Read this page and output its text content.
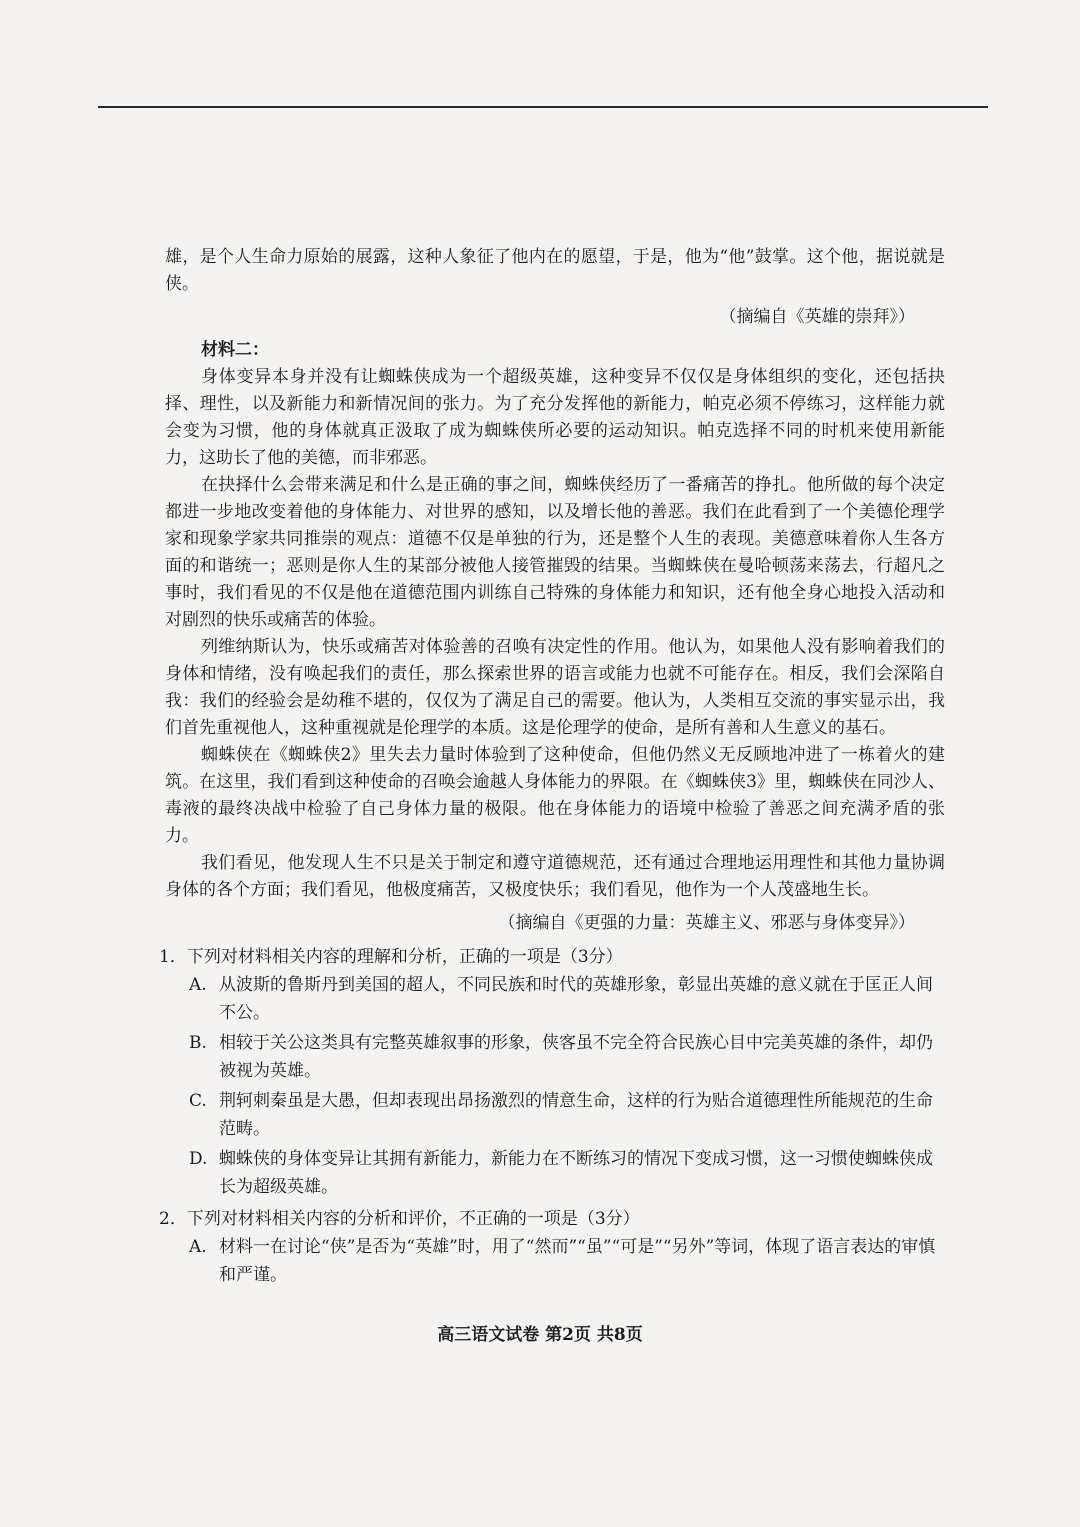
雄，是个人生命力原始的展露，这种人象征了他内在的愿望，于是，他为“他”鼓掌。这个他，据说就是侠。

（摘编自《英雄的崇拜》）

材料二：

身体变异本身并没有让蜘蛛侠成为一个超级英雄，这种变异不仅仅是身体组织的变化，还包括抉择、理性，以及新能力和新情况间的张力。为了充分发挥他的新能力，帕克必须不停练习，这样能力就会变为习惯，他的身体就真正汲取了成为蜘蛛侠所必要的运动知识。帕克选择不同的时机来使用新能力，这助长了他的美德，而非邪恶。

在抉择什么会带来满足和什么是正确的事之间，蜘蛛侠经历了一番痛苦的挣扎。他所做的每个决定都进一步地改变着他的身体能力、对世界的感知，以及增长他的善恶。我们在此看到了一个美德伦理学家和现象学家共同推崇的观点：道德不仅是单独的行为，还是整个人生的表现。美德意味着你人生各方面的和谐统一；恶则是你人生的某部分被他人接管摧毁的结果。当蜘蛛侠在曼哈顿荡来荡去，行超凡之事时，我们看见的不仅是他在道德范围内训练自己特殊的身体能力和知识，还有他全身心地投入活动和对剧烈的快乐或痛苦的体验。

列维纳斯认为，快乐或痛苦对体验善的召唤有决定性的作用。他认为，如果他人没有影响着我们的身体和情绪，没有唤起我们的责任，那么探索世界的语言或能力也就不可能存在。相反，我们会深陷自我：我们的经验会是幼稚不堪的，仅仅为了满足自己的需要。他认为，人类相互交流的事实显示出，我们首先重视他人，这种重视就是伦理学的本质。这是伦理学的使命，是所有善和人生意义的基石。

蜘蛛侠在《蜘蛛侠2》里失去力量时体验到了这种使命，但他仍然义无反顾地冲进了一栋着火的建筑。在这里，我们看到这种使命的召唤会逾越人身体能力的界限。在《蜘蛛侠3》里，蜘蛛侠在同沙人、毒液的最终决战中检验了自己身体力量的极限。他在身体能力的语境中检验了善恶之间充满矛盾的张力。

我们看见，他发现人生不只是关于制定和遵守道德规范，还有通过合理地运用理性和其他力量协调身体的各个方面；我们看见，他极度痛苦，又极度快乐；我们看见，他作为一个人茂盛地生长。

（摘编自《更强的力量：英雄主义、邪恶与身体变异》）

1．下列对材料相关内容的理解和分析，正确的一项是（3分）

A. 从波斯的鲁斯丹到美国的超人，不同民族和时代的英雄形象，彰显出英雄的意义就在于匡正人间不公。
B. 相较于关公这类具有完整英雄叙事的形象，侠客虽不完全符合民族心目中完美英雄的条件，却仍被视为英雄。
C. 荆轲刺秦虽是大愚，但却表现出昂扬激烈的情意生命，这样的行为贴合道德理性所能规范的生命范畴。
D. 蜘蛛侠的身体变异让其拥有新能力，新能力在不断练习的情况下变成习惯，这一习惯使蜘蛛侠成长为超级英雄。

2．下列对材料相关内容的分析和评价，不正确的一项是（3分）

A. 材料一在讨论“侠”是否为“英雄”时，用了“然而”“虽”“可是”“另外”等词，体现了语言表达的审慎和严谨。
高三语文试卷 第2页 共8页
